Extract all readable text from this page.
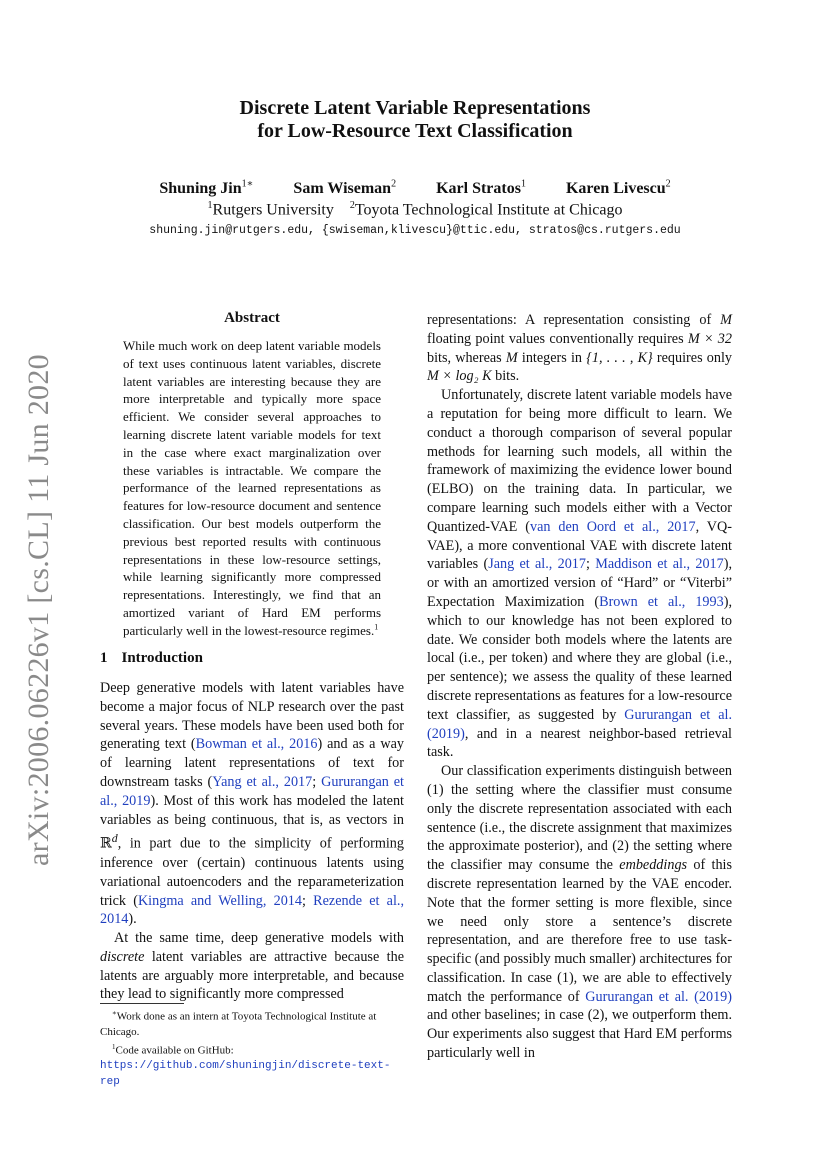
arXiv:2006.06226v1 [cs.CL] 11 Jun 2020
Discrete Latent Variable Representations
for Low-Resource Text Classification
Shuning Jin$^{1∗}$	Sam Wiseman$^2$	Karl Stratos$^1$	Karen Livescu$^2$
$^1$Rutgers University $^2$Toyota Technological Institute at Chicago
shuning.jin@rutgers.edu, {swiseman,klivescu}@ttic.edu, stratos@cs.rutgers.edu
Abstract
While much work on deep latent variable models of text uses continuous latent variables, discrete latent variables are interesting because they are more interpretable and typically more space efficient. We consider several approaches to learning discrete latent variable models for text in the case where exact marginalization over these variables is intractable. We compare the performance of the learned representations as features for low-resource document and sentence classification. Our best models outperform the previous best reported results with continuous representations in these low-resource settings, while learning significantly more compressed representations. Interestingly, we find that an amortized variant of Hard EM performs particularly well in the lowest-resource regimes.$^1$
1 Introduction

Deep generative models with latent variables have become a major focus of NLP research over the past several years. These models have been used both for generating text (Bowman et al., 2016) and as a way of learning latent representations of text for downstream tasks (Yang et al., 2017; Gururangan et al., 2019). Most of this work has modeled the latent variables as being continuous, that is, as vectors in ℝ$^d$, in part due to the simplicity of performing inference over (certain) continuous latents using variational autoencoders and the reparameterization trick (Kingma and Welling, 2014; Rezende et al., 2014).

At the same time, deep generative models with discrete latent variables are attractive because the latents are arguably more interpretable, and because they lead to significantly more compressed

∗Work done as an intern at Toyota Technological Institute at Chicago.

$^1$Code available on GitHub: https://github.com/shuningjin/discrete-text-rep

representations: A representation consisting of M floating point values conventionally requires M × 32 bits, whereas M integers in {1, . . . , K} requires only M × log₂ K bits.

Unfortunately, discrete latent variable models have a reputation for being more difficult to learn. We conduct a thorough comparison of several popular methods for learning such models, all within the framework of maximizing the evidence lower bound (ELBO) on the training data. In particular, we compare learning such models either with a Vector Quantized-VAE (van den Oord et al., 2017, VQ-VAE), a more conventional VAE with discrete latent variables (Jang et al., 2017; Maddison et al., 2017), or with an amortized version of “Hard” or “Viterbi” Expectation Maximization (Brown et al., 1993), which to our knowledge has not been explored to date. We consider both models where the latents are local (i.e., per token) and where they are global (i.e., per sentence); we assess the quality of these learned discrete representations as features for a low-resource text classifier, as suggested by Gururangan et al. (2019), and in a nearest neighbor-based retrieval task.

Our classification experiments distinguish between (1) the setting where the classifier must consume only the discrete representation associated with each sentence (i.e., the discrete assignment that maximizes the approximate posterior), and (2) the setting where the classifier may consume the embeddings of this discrete representation learned by the VAE encoder. Note that the former setting is more flexible, since we need only store a sentence’s discrete representation, and are therefore free to use task-specific (and possibly much smaller) architectures for classification. In case (1), we are able to effectively match the performance of Gururangan et al. (2019) and other baselines; in case (2), we outperform them. Our experiments also suggest that Hard EM performs particularly well in
